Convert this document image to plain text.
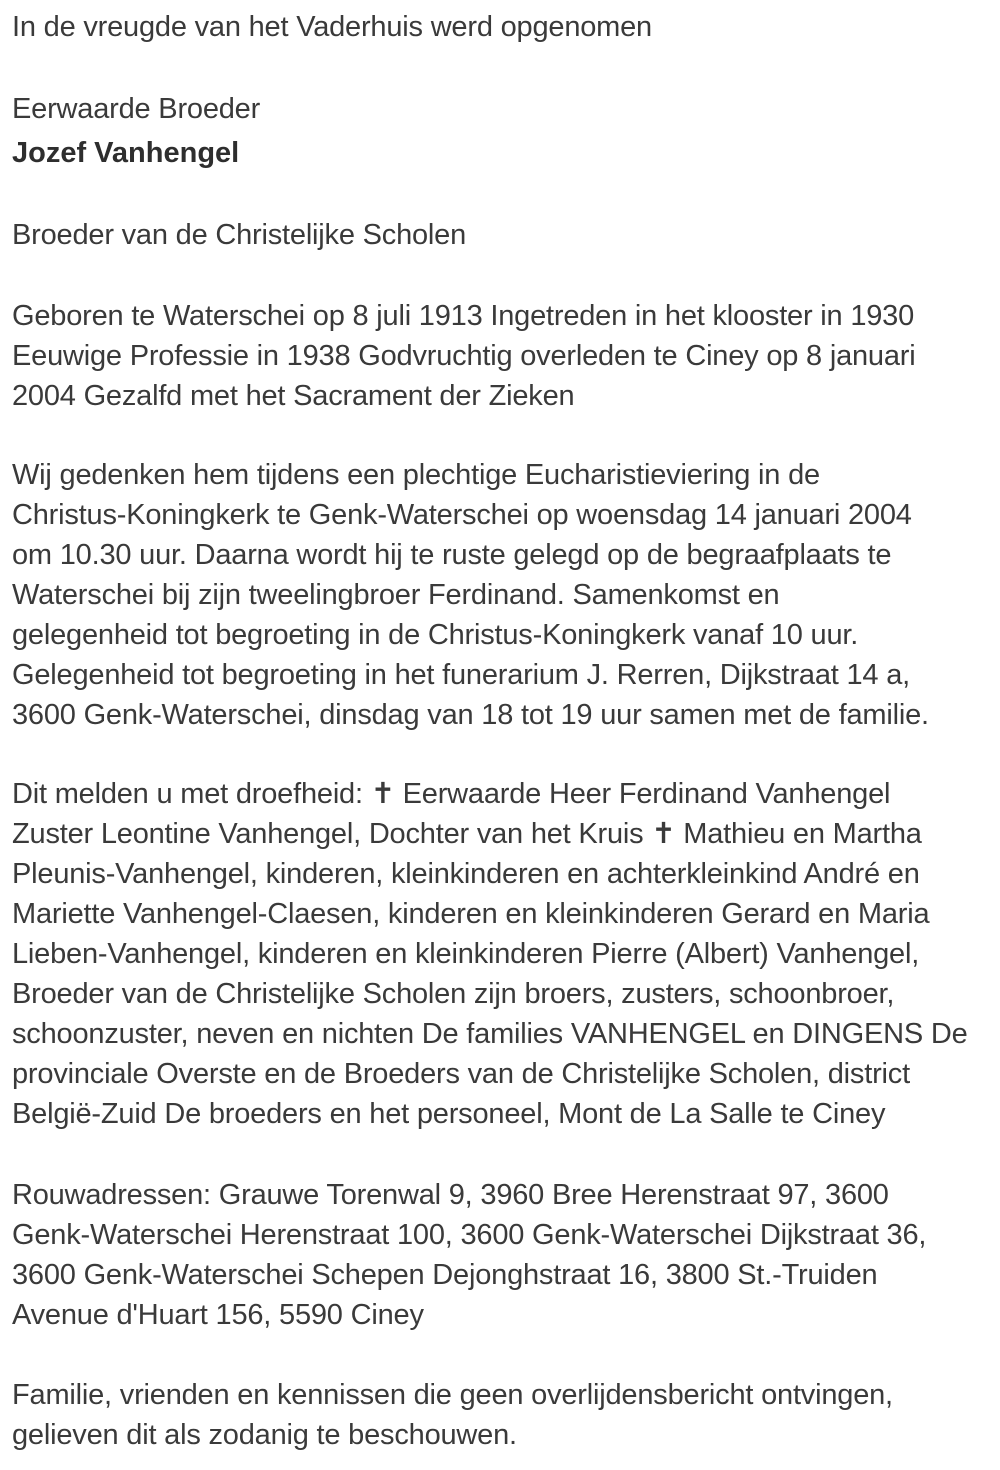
In de vreugde van het Vaderhuis werd opgenomen
Eerwaarde Broeder
Jozef Vanhengel
Broeder van de Christelijke Scholen
Geboren te Waterschei op 8 juli 1913 Ingetreden in het klooster in 1930
Eeuwige Professie in 1938 Godvruchtig overleden te Ciney op 8 januari
2004 Gezalfd met het Sacrament der Zieken
Wij gedenken hem tijdens een plechtige Eucharistieviering in de
Christus-Koningkerk te Genk-Waterschei op woensdag 14 januari 2004
om 10.30 uur. Daarna wordt hij te ruste gelegd op de begraafplaats te
Waterschei bij zijn tweelingbroer Ferdinand. Samenkomst en
gelegenheid tot begroeting in de Christus-Koningkerk vanaf 10 uur.
Gelegenheid tot begroeting in het funerarium J. Rerren, Dijkstraat 14 a,
3600 Genk-Waterschei, dinsdag van 18 tot 19 uur samen met de familie.
Dit melden u met droefheid: ✝ Eerwaarde Heer Ferdinand Vanhengel
Zuster Leontine Vanhengel, Dochter van het Kruis ✝ Mathieu en Martha
Pleunis-Vanhengel, kinderen, kleinkinderen en achterkleinkind André en
Mariette Vanhengel-Claesen, kinderen en kleinkinderen Gerard en Maria
Lieben-Vanhengel, kinderen en kleinkinderen Pierre (Albert) Vanhengel,
Broeder van de Christelijke Scholen zijn broers, zusters, schoonbroer,
schoonzuster, neven en nichten De families VANHENGEL en DINGENS De
provinciale Overste en de Broeders van de Christelijke Scholen, district
België-Zuid De broeders en het personeel, Mont de La Salle te Ciney
Rouwadressen: Grauwe Torenwal 9, 3960 Bree Herenstraat 97, 3600
Genk-Waterschei Herenstraat 100, 3600 Genk-Waterschei Dijkstraat 36,
3600 Genk-Waterschei Schepen Dejonghstraat 16, 3800 St.-Truiden
Avenue d'Huart 156, 5590 Ciney
Familie, vrienden en kennissen die geen overlijdensbericht ontvingen,
gelieven dit als zodanig te beschouwen.
